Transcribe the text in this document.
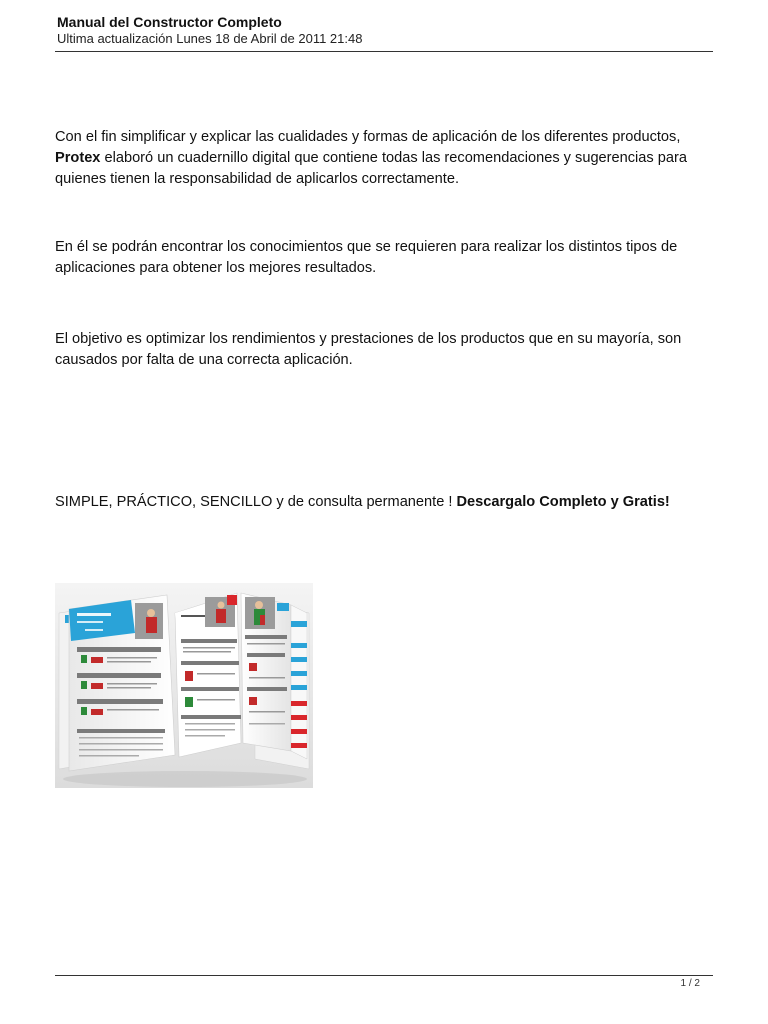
Manual del Constructor Completo
Ultima actualización Lunes 18 de Abril de 2011 21:48

Con el fin simplificar y explicar las cualidades y formas de aplicación de los diferentes productos, Protex elaboró un cuadernillo digital que contiene todas las recomendaciones y sugerencias para quienes tienen la responsabilidad de aplicarlos correctamente.

En él se podrán encontrar los conocimientos que se requieren para realizar los distintos tipos de aplicaciones para obtener los mejores resultados.

El objetivo es optimizar los rendimientos y prestaciones de los productos que en su mayoría, son causados por falta de una correcta aplicación.

SIMPLE, PRÁCTICO, SENCILLO y de consulta permanente ! Descargalo Completo y Gratis!

1 / 2
